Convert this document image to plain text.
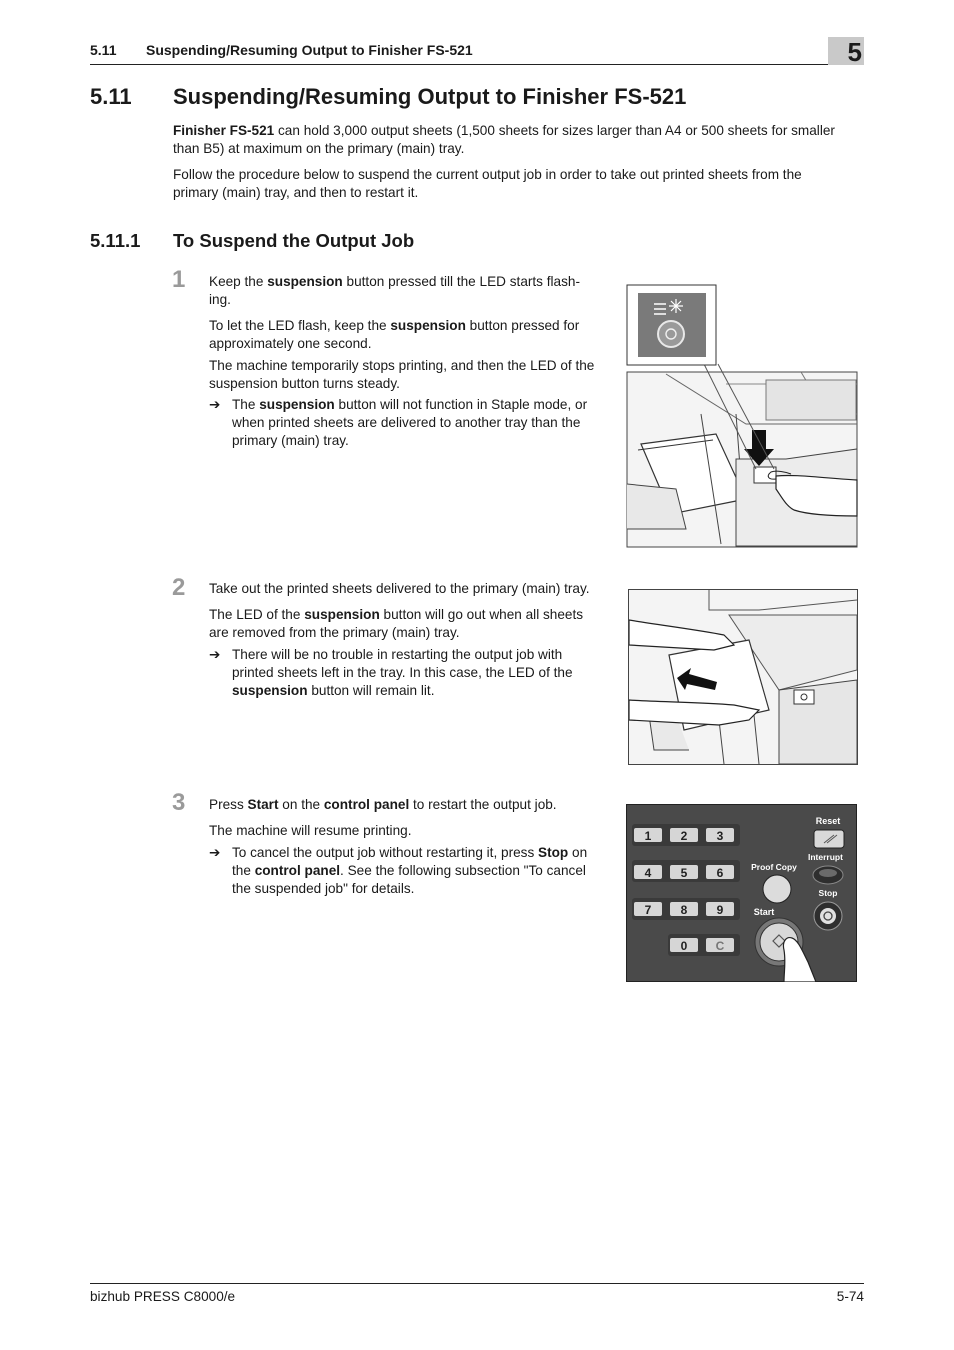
5.11 Suspending/Resuming Output to Finisher FS-521	5
5.11 Suspending/Resuming Output to Finisher FS-521

Finisher FS-521 can hold 3,000 output sheets (1,500 sheets for sizes larger than A4 or 500 sheets for smaller
than B5) at maximum on the primary (main) tray.

Follow the procedure below to suspend the current output job in order to take out printed sheets from the
primary (main) tray, and then to restart it.

5.11.1 To Suspend the Output Job
1 Keep the suspension button pressed till the LED starts flash-
ing.

To let the LED flash, keep the suspension button pressed for
approximately one second.

The machine temporarily stops printing, and then the LED of the
suspension button turns steady.

➔ The suspension button will not function in Staple mode, or
when printed sheets are delivered to another tray than the
primary (main) tray.
2 Take out the printed sheets delivered to the primary (main) tray.

The LED of the suspension button will go out when all sheets
are removed from the primary (main) tray.

➔ There will be no trouble in restarting the output job with
printed sheets left in the tray. In this case, the LED of the
suspension button will remain lit.
3 Press Start on the control panel to restart the output job.

The machine will resume printing.

➔ To cancel the output job without restarting it, press Stop on
the control panel. See the following subsection "To cancel
the suspended job" for details.
1 2 3
4 5 6
7 8 9
0 C
Reset
Interrupt
Proof Copy
Stop
Start
bizhub PRESS C8000/e	5-74
